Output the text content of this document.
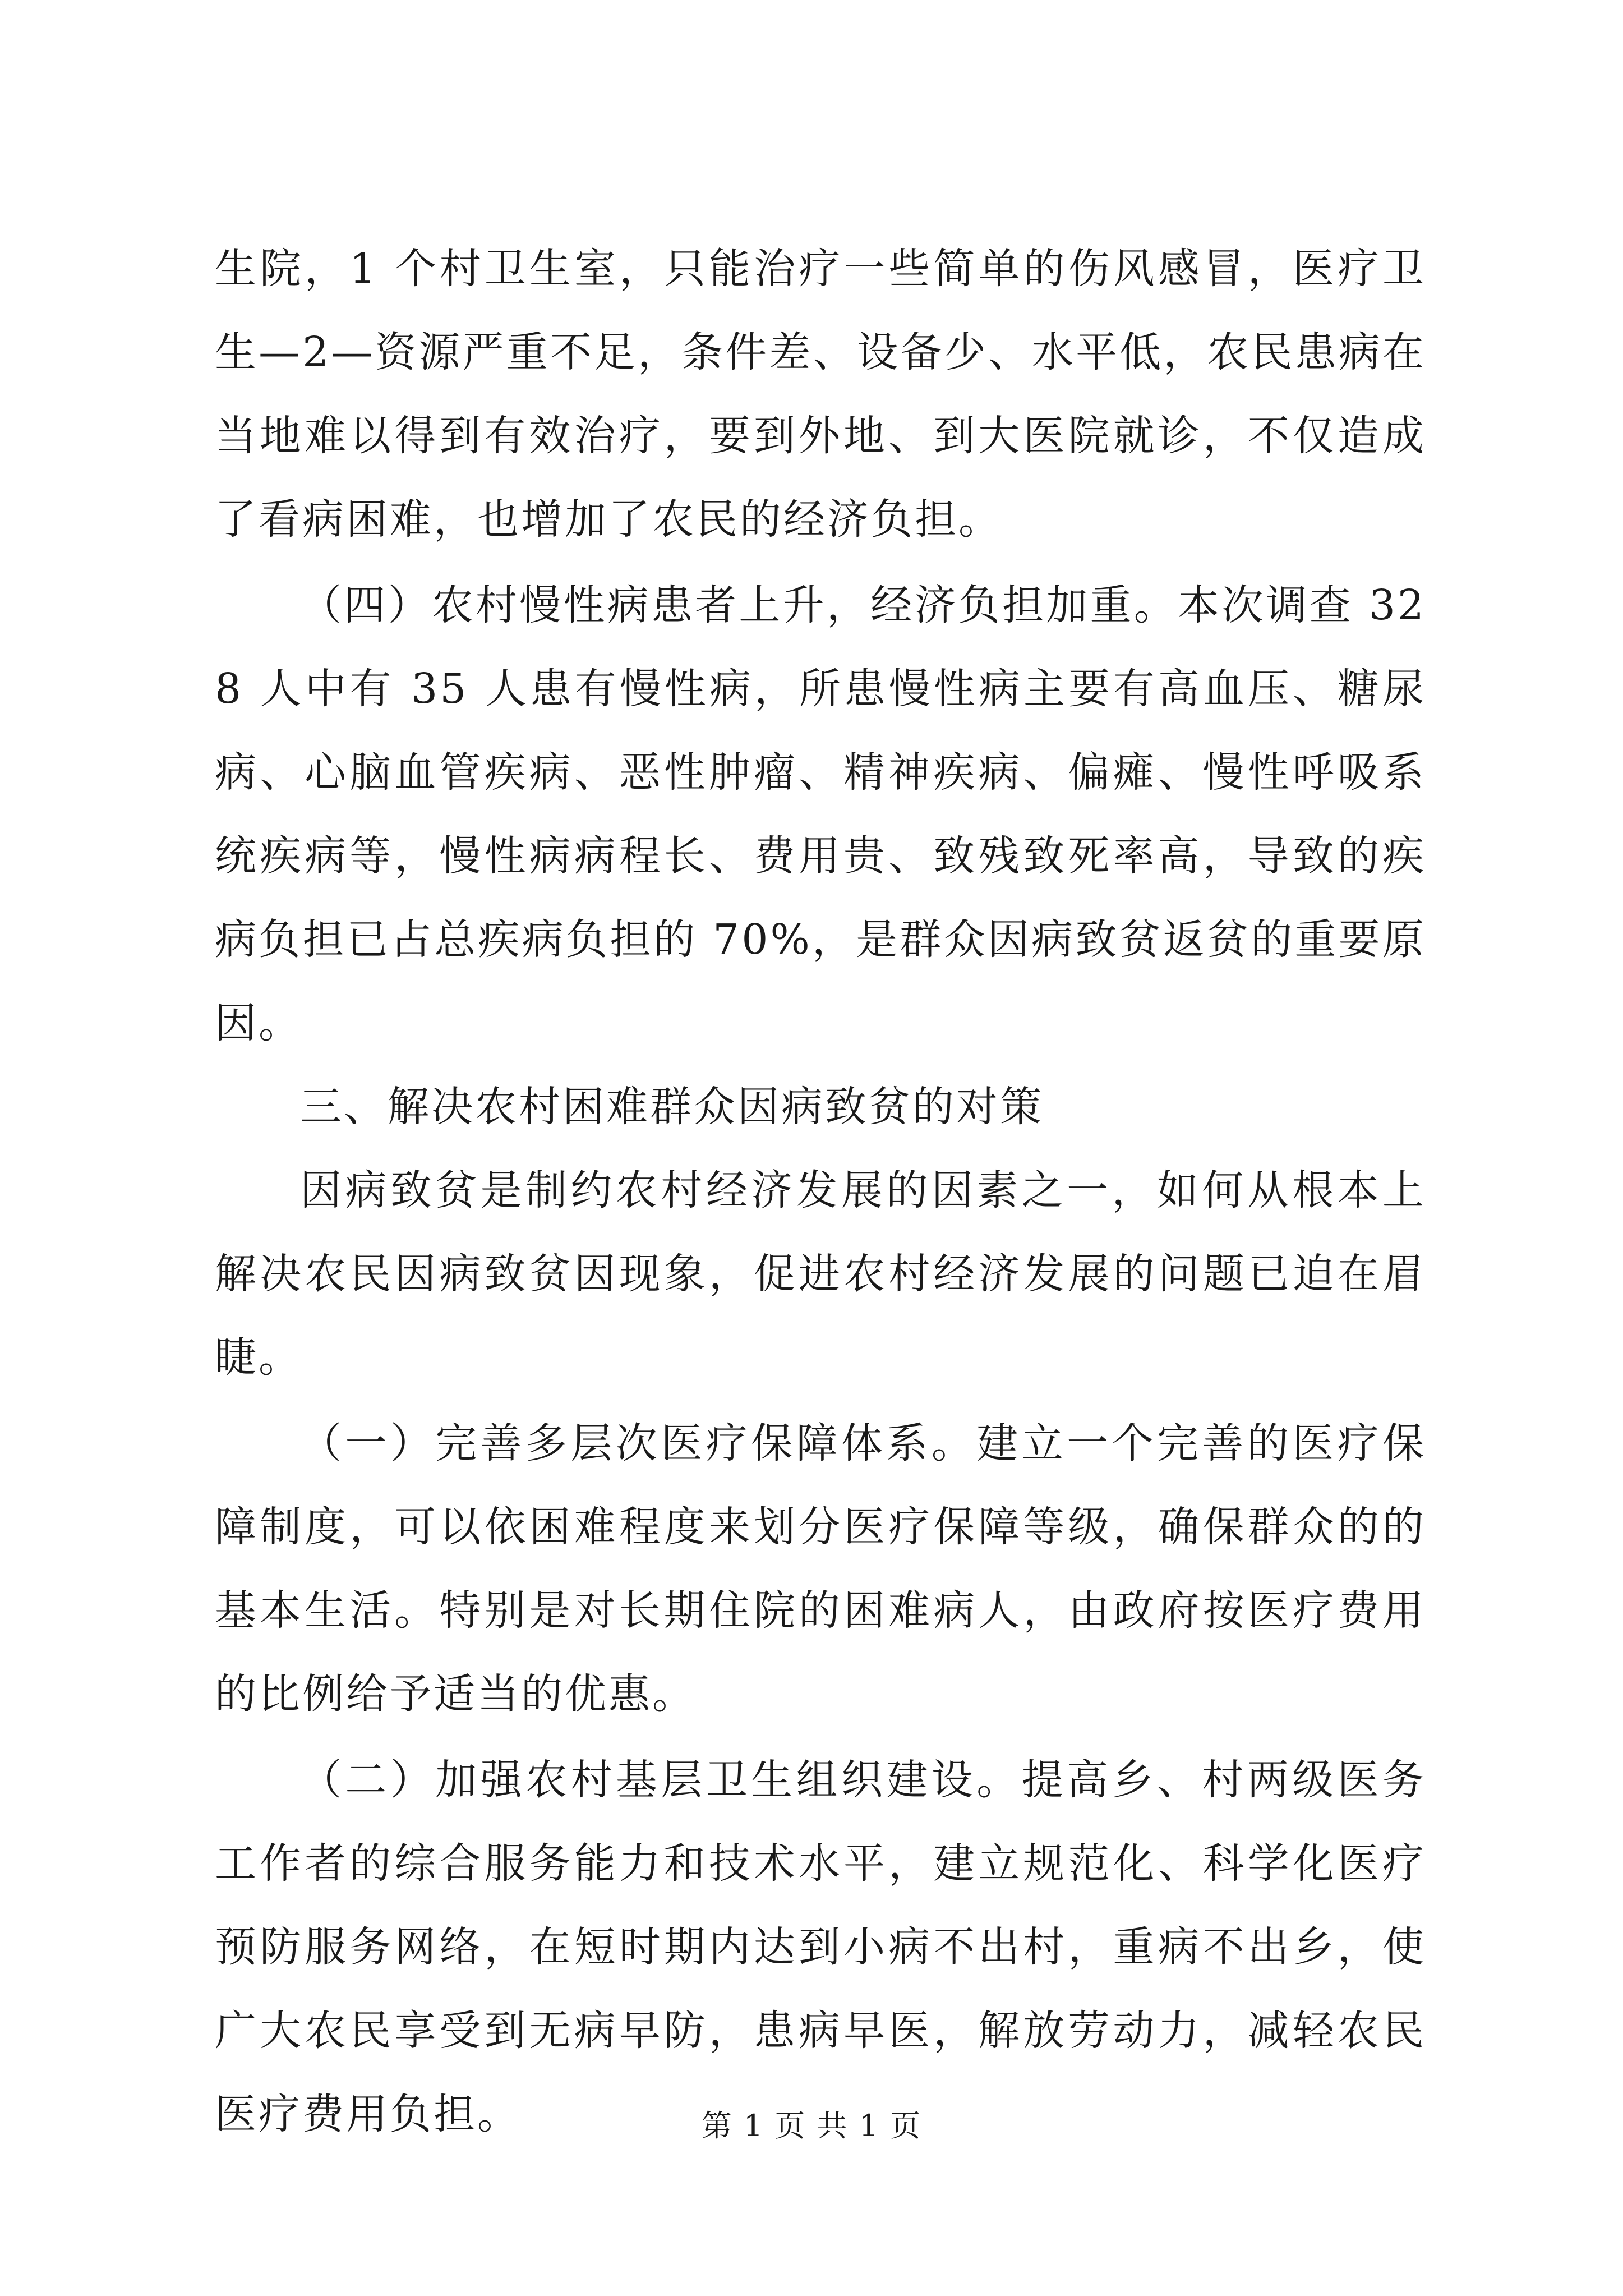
生院，1 个村卫生室，只能治疗一些简单的伤风感冒，医疗卫生—2—资源严重不足，条件差、设备少、水平低，农民患病在当地难以得到有效治疗，要到外地、到大医院就诊，不仅造成了看病困难，也增加了农民的经济负担。

（四）农村慢性病患者上升，经济负担加重。本次调查 328 人中有 35 人患有慢性病，所患慢性病主要有高血压、糖尿病、心脑血管疾病、恶性肿瘤、精神疾病、偏瘫、慢性呼吸系统疾病等，慢性病病程长、费用贵、致残致死率高，导致的疾病负担已占总疾病负担的 70%，是群众因病致贫返贫的重要原因。

三、解决农村困难群众因病致贫的对策

因病致贫是制约农村经济发展的因素之一，如何从根本上解决农民因病致贫因现象，促进农村经济发展的问题已迫在眉睫。

（一）完善多层次医疗保障体系。建立一个完善的医疗保障制度，可以依困难程度来划分医疗保障等级，确保群众的的基本生活。特别是对长期住院的困难病人，由政府按医疗费用的比例给予适当的优惠。

（二）加强农村基层卫生组织建设。提高乡、村两级医务工作者的综合服务能力和技术水平，建立规范化、科学化医疗预防服务网络，在短时期内达到小病不出村，重病不出乡，使广大农民享受到无病早防，患病早医，解放劳动力，减轻农民医疗费用负担。	第 1 页 共 1 页
